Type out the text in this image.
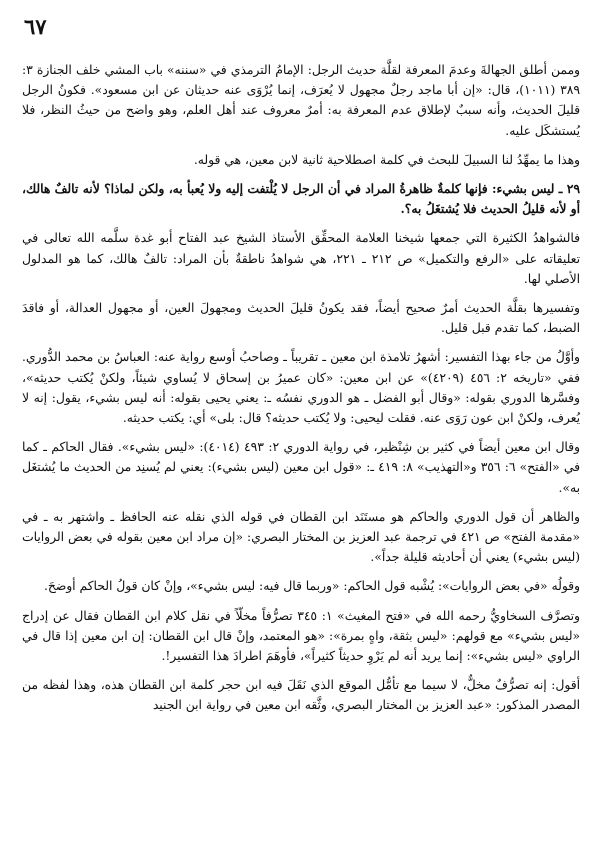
٦٧

وممن أطلق الجهالةَ وعدمَ المعرفة لقلَّة حديث الرجل: الإمامُ الترمذي في «سننه» باب المشي خلف الجنازة ٣: ٣٨٩ (١٠١١)، قال: «إن أبا ماجد رجلٌ مجهول لا يُعرَف، إنما يُرْوَى عنه حديثان عن ابن مسعود». فكونُ الرجل قليلَ الحديث، وأنه سببٌ لإطلاق عدم المعرفة به: أمرٌ معروف عند أهل العلم، وهو واضح من حيثُ النظر، فلا يُستشكَل عليه.

وهذا ما يمهِّدُ لنا السبيلَ للبحث في كلمة اصطلاحية ثانية لابن معين، هي قوله.

٢٩ ـ ليس بشيء: فإنها كلمةٌ ظاهرةُ المراد في أن الرجل لا يُلْتفت إليه ولا يُعبأ به، ولكن لماذا؟ لأنه تالفٌ هالك، أو لأنه قليلُ الحديث فلا يُشتغَلُ به؟.

فالشواهدُ الكثيرة التي جمعها شيخنا العلامة المحقِّق الأستاذ الشيخ عبد الفتاح أبو غدة سلَّمه الله تعالى في تعليقاته على «الرفع والتكميل» ص ٢١٢ ـ ٢٢١، هي شواهدُ ناطقةٌ بأن المراد: تالفٌ هالك، كما هو المدلول الأصلي لها.

وتفسيرها بقلَّة الحديث أمرٌ صحيح أيضاً، فقد يكونُ قليلَ الحديث ومجهولَ العين، أو مجهول العدالة، أو فاقدَ الضبط، كما تقدم قبل قليل.

وأوَّلُ من جاء بهذا التفسير: أشهرُ تلامذة ابن معين ـ تقريباً ـ وصاحبُ أوسع رواية عنه: العباسُ بن محمد الدُّوري. ففي «تاريخه ٢: ٤٥٦ (٤٢٠٩)» عن ابن معين: «كان عميرُ بن إسحاق لا يُساوي شيئاً، ولكنْ يُكتب حديثه»، وفسَّرها الدوري بقوله: «وقال أبو الفضل ـ هو الدوري نفسُه ـ: يعني يحيى بقوله: أنه ليس بشيء، يقول: إنه لا يُعرف، ولكنْ ابن عون رَوَى عنه. فقلت ليحيى: ولا يُكتب حديثه؟ قال: بلى» أي: يكتب حديثه.

وقال ابن معين أيضاً في كثير بن شِنْظير، في رواية الدوري ٢: ٤٩٣ (٤٠١٤): «ليس بشيء». فقال الحاكم ـ كما في «الفتح» ٦: ٣٥٦ و«التهذيب» ٨: ٤١٩ ـ: «قول ابن معين (ليس بشيء): يعني لم يُسنِد من الحديث ما يُشتغَل به».

والظاهر أن قول الدوري والحاكم هو مستَنَد ابن القطان في قوله الذي نقله عنه الحافظ ـ واشتهر به ـ في «مقدمة الفتح» ص ٤٢١ في ترجمة عبد العزيز بن المختار البصري: «إن مراد ابن معين بقوله في بعض الروايات (ليس بشيء) يعني أن أحاديثه قليلة جداً».

وقولُه «في بعض الروايات»: يُشْبه قول الحاكم: «وربما قال فيه: ليس بشيء»، وإنْ كان قولُ الحاكم أوضحَ.

وتصرَّف السخاويُّ رحمه الله في «فتح المغيث» ١: ٣٤٥ تصرُّفاً مخلّاً في نقل كلام ابن القطان فقال عن إدراج «ليس بشيء» مع قولهم: «ليس بثقة، واهٍ بمرة»: «هو المعتمد، وإنْ قال ابن القطان: إن ابن معين إذا قال في الراوي «ليس بشيء»: إنما يريد أنه لم يَرْوِ حديثاً كثيراً»، فأوهَمَ اطرادَ هذا التفسير!.

أقول: إنه تصرُّفٌ مخلٌّ، لا سيما مع تأمُّل الموقع الذي نَقَلَ فيه ابن حجر كلمة ابن القطان هذه، وهذا لفظه من المصدر المذكور: «عبد العزيز بن المختار البصري، وثَّقه ابن معين في رواية ابن الجنيد
